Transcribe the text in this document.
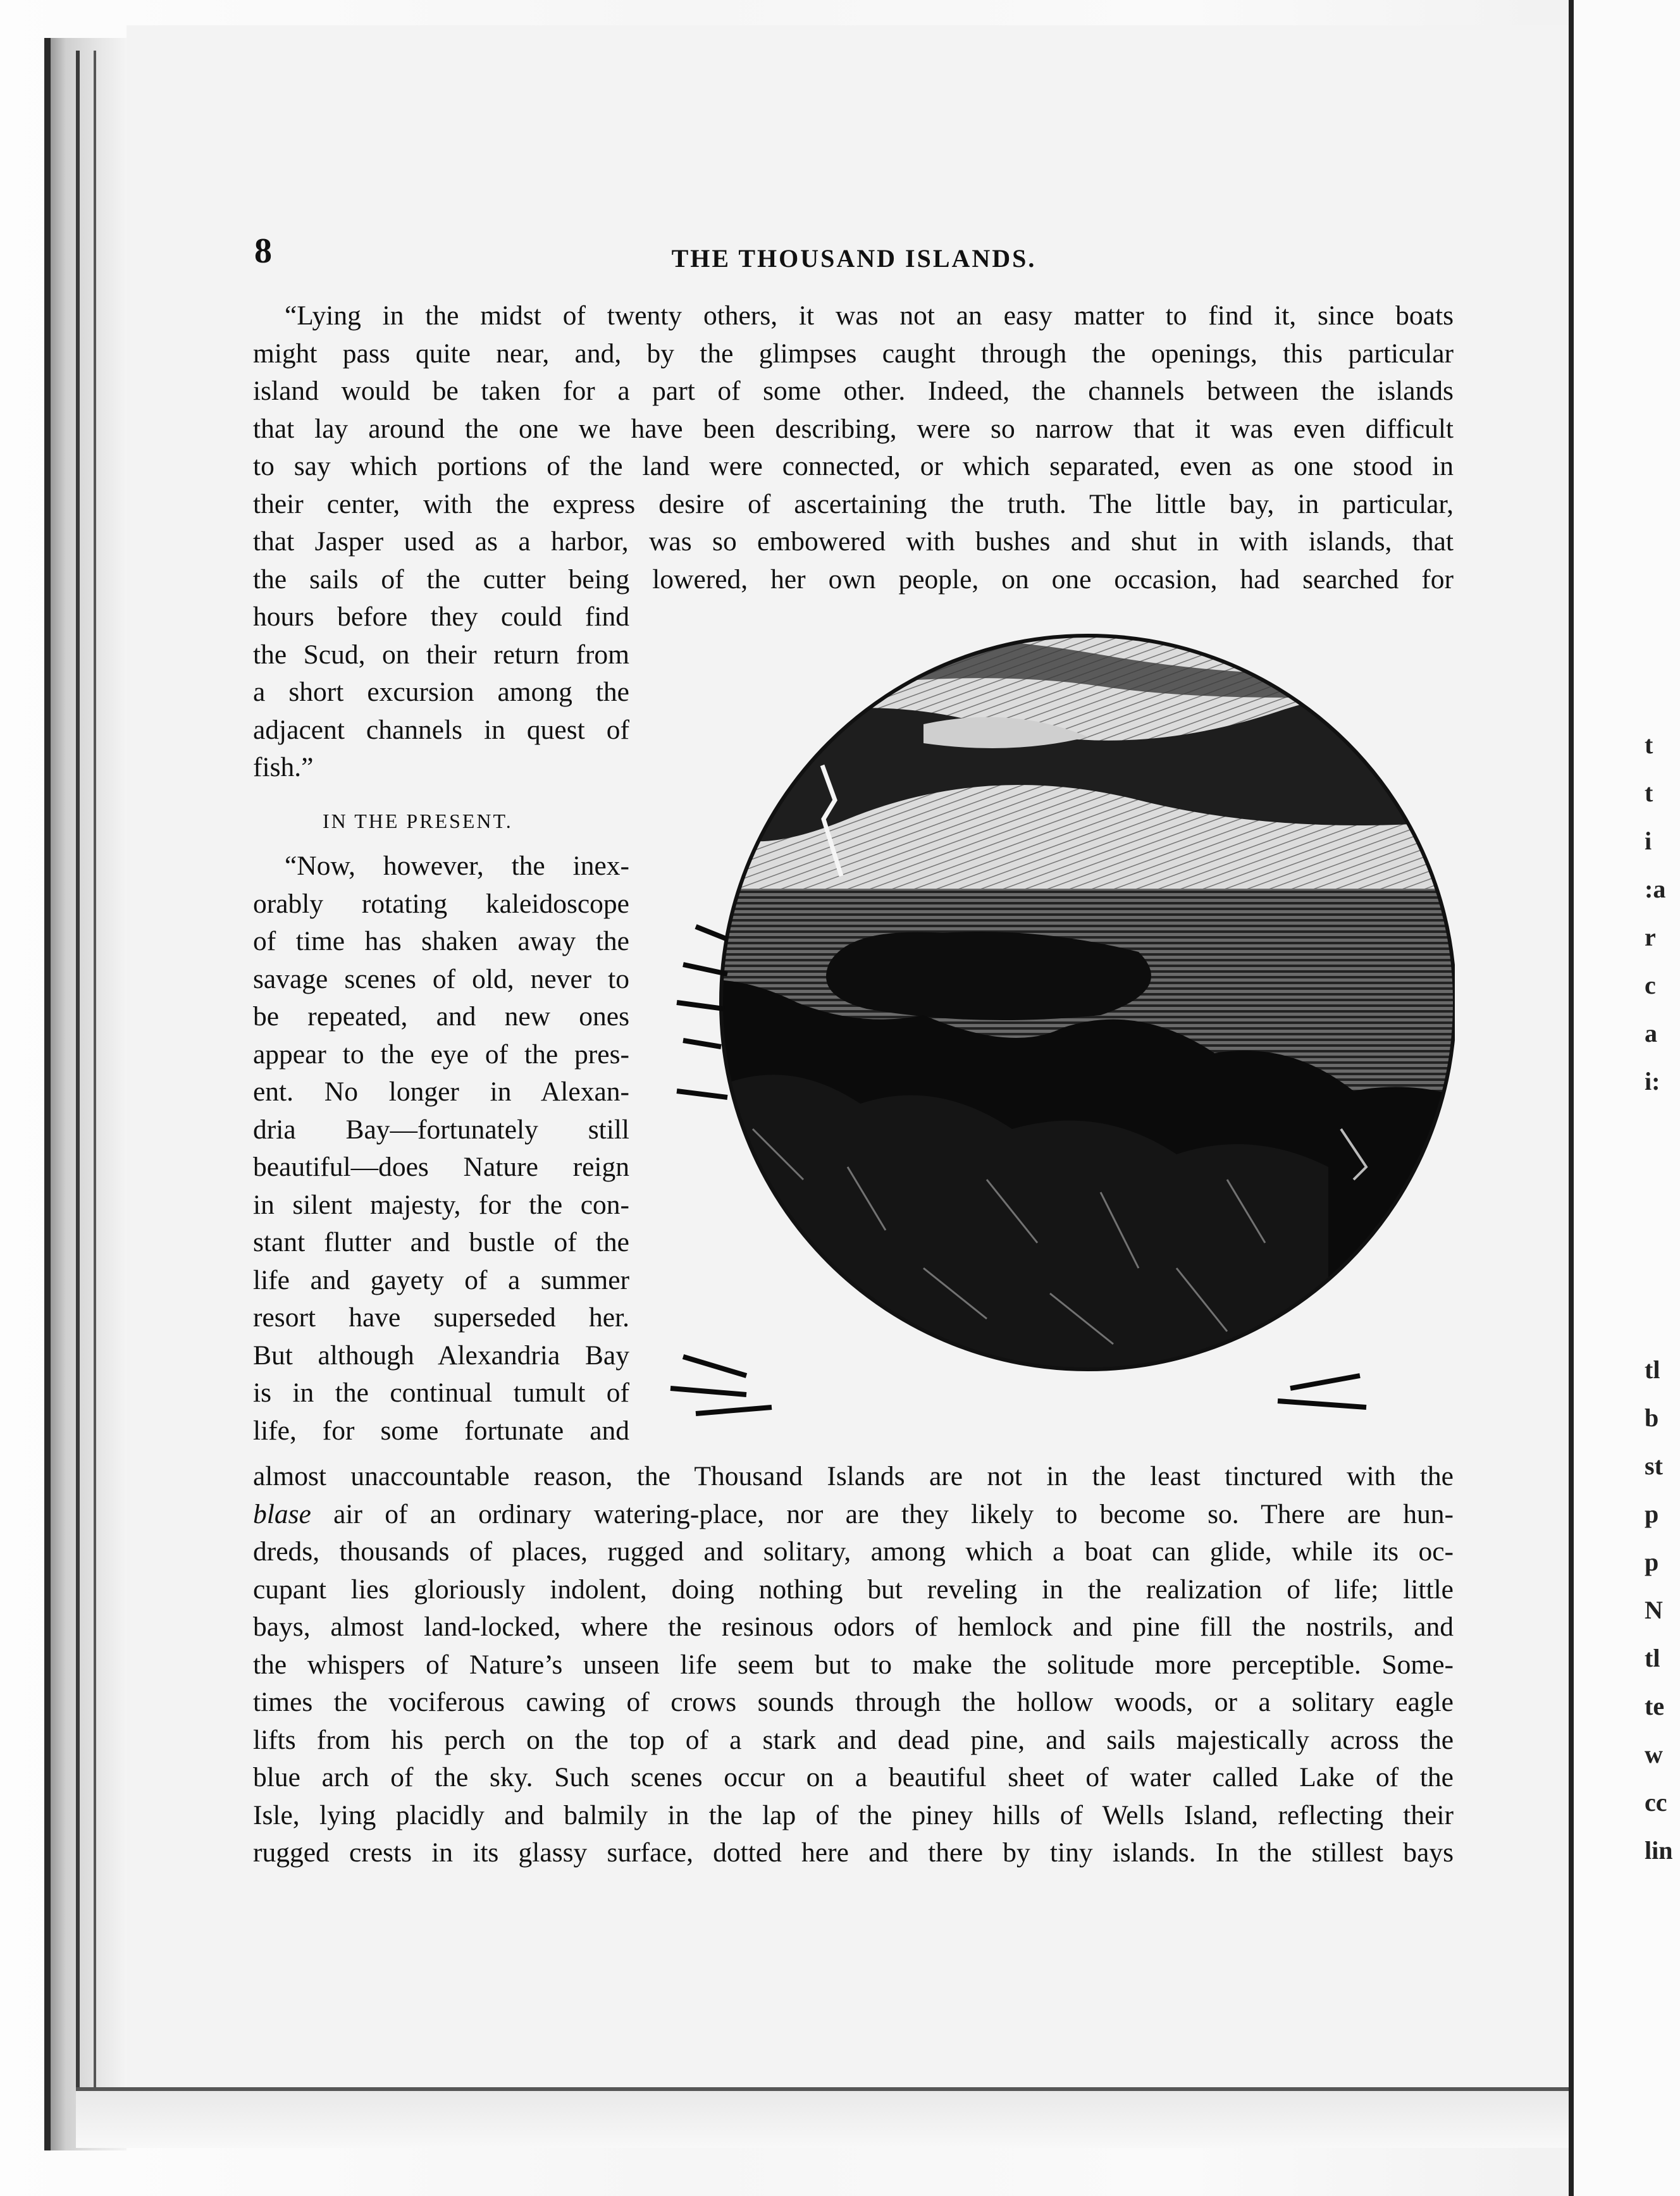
8	THE THOUSAND ISLANDS.
“Lying in the midst of twenty others, it was not an easy matter to find it, since boats
might pass quite near, and, by the glimpses caught through the openings, this particular
island would be taken for a part of some other. Indeed, the channels between the islands
that lay around the one we have been describing, were so narrow that it was even difficult
to say which portions of the land were connected, or which separated, even as one stood in
their center, with the express desire of ascertaining the truth. The little bay, in particular,
that Jasper used as a harbor, was so embowered with bushes and shut in with islands, that
the sails of the cutter being lowered, her own people, on one occasion, had searched for
hours before they could find
the Scud, on their return from
a short excursion among the
adjacent channels in quest of
fish.”
IN THE PRESENT.
“Now, however, the inex-
orably rotating kaleidoscope
of time has shaken away the
savage scenes of old, never to
be repeated, and new ones
appear to the eye of the pres-
ent. No longer in Alexan-
dria Bay—fortunately still
beautiful—does Nature reign
in silent majesty, for the con-
stant flutter and bustle of the
life and gayety of a summer
resort have superseded her.
But although Alexandria Bay
is in the continual tumult of
life, for some fortunate and
almost unaccountable reason, the Thousand Islands are not in the least tinctured with the
blase air of an ordinary watering-place, nor are they likely to become so. There are hun-
dreds, thousands of places, rugged and solitary, among which a boat can glide, while its oc-
cupant lies gloriously indolent, doing nothing but reveling in the realization of life; little
bays, almost land-locked, where the resinous odors of hemlock and pine fill the nostrils, and
the whispers of Nature’s unseen life seem but to make the solitude more perceptible. Some-
times the vociferous cawing of crows sounds through the hollow woods, or a solitary eagle
lifts from his perch on the top of a stark and dead pine, and sails majestically across the
blue arch of the sky. Such scenes occur on a beautiful sheet of water called Lake of the
Isle, lying placidly and balmily in the lap of the piney hills of Wells Island, reflecting their
rugged crests in its glassy surface, dotted here and there by tiny islands. In the stillest bays
t
t
i
:a
r
c
a
i:
tl
b
st
p
p
N
tl
te
w
cc
lin
